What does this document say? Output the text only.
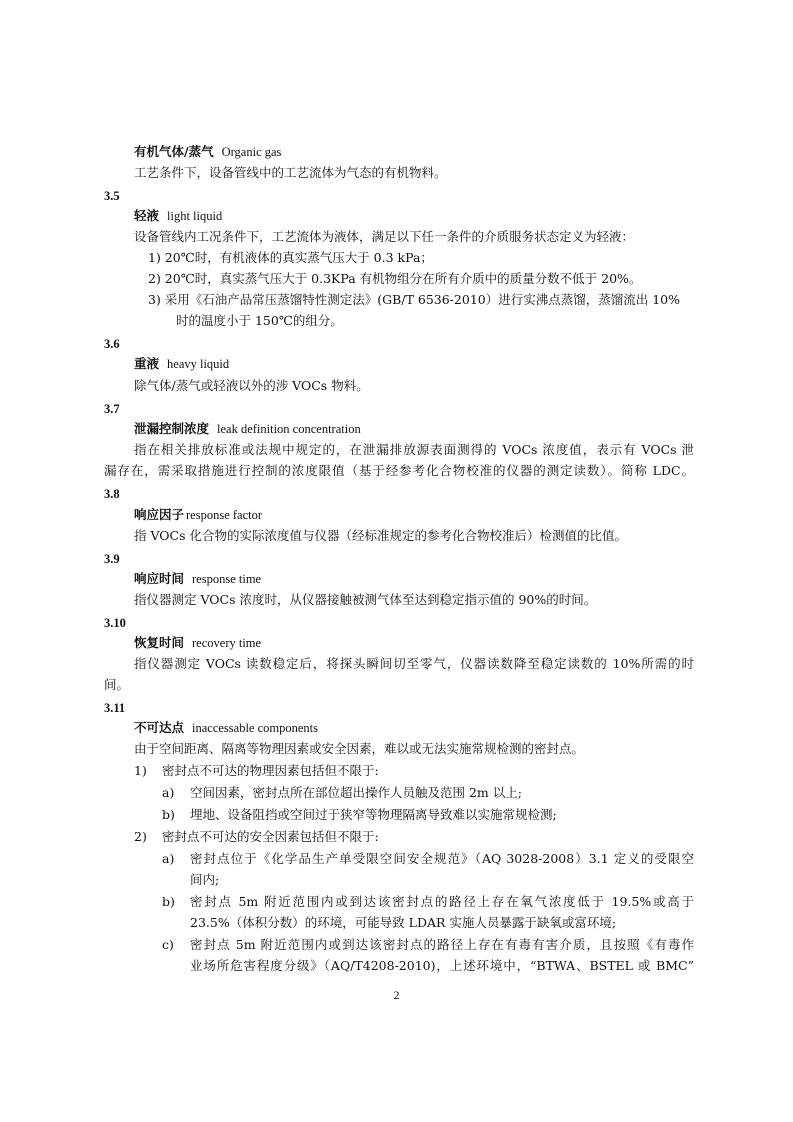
有机气体/蒸气 Organic gas
工艺条件下，设备管线中的工艺流体为气态的有机物料。
3.5
轻液 light liquid
设备管线内工况条件下，工艺流体为液体，满足以下任一条件的介质服务状态定义为轻液：
1) 20℃时，有机液体的真实蒸气压大于 0.3 kPa；
2) 20℃时，真实蒸气压大于 0.3KPa 有机物组分在所有介质中的质量分数不低于 20%。
3) 采用《石油产品常压蒸馏特性测定法》(GB/T 6536-2010）进行实沸点蒸馏，蒸馏流出 10%
时的温度小于 150℃的组分。
3.6
重液 heavy liquid
除气体/蒸气或轻液以外的涉 VOCs 物料。
3.7
泄漏控制浓度 leak definition concentration
指在相关排放标准或法规中规定的，在泄漏排放源表面测得的 VOCs 浓度值，表示有 VOCs 泄
漏存在，需采取措施进行控制的浓度限值（基于经参考化合物校准的仪器的测定读数）。简称 LDC。
3.8
响应因子 response factor
指 VOCs 化合物的实际浓度值与仪器（经标准规定的参考化合物校准后）检测值的比值。
3.9
响应时间 response time
指仪器测定 VOCs 浓度时，从仪器接触被测气体至达到稳定指示值的 90%的时间。
3.10
恢复时间 recovery time
指仪器测定 VOCs 读数稳定后，将探头瞬间切至零气，仪器读数降至稳定读数的 10%所需的时
间。
3.11
不可达点 inaccessable components
由于空间距离、隔离等物理因素或安全因素，难以或无法实施常规检测的密封点。
1) 密封点不可达的物理因素包括但不限于:
a) 空间因素，密封点所在部位超出操作人员触及范围 2m 以上;
b) 埋地、设备阻挡或空间过于狭窄等物理隔离导致难以实施常规检测;
2) 密封点不可达的安全因素包括但不限于:
a) 密封点位于《化学品生产单受限空间安全规范》（AQ 3028-2008）3.1 定义的受限空
间内;
b) 密封点 5m 附近范围内或到达该密封点的路径上存在氧气浓度低于 19.5%或高于
23.5%（体积分数）的环境，可能导致 LDAR 实施人员暴露于缺氧或富环境;
c) 密封点 5m 附近范围内或到达该密封点的路径上存在有毒有害介质，且按照《有毒作
业场所危害程度分级》（AQ/T4208-2010)，上述环境中，“BTWA、BSTEL 或 BMC”
2
